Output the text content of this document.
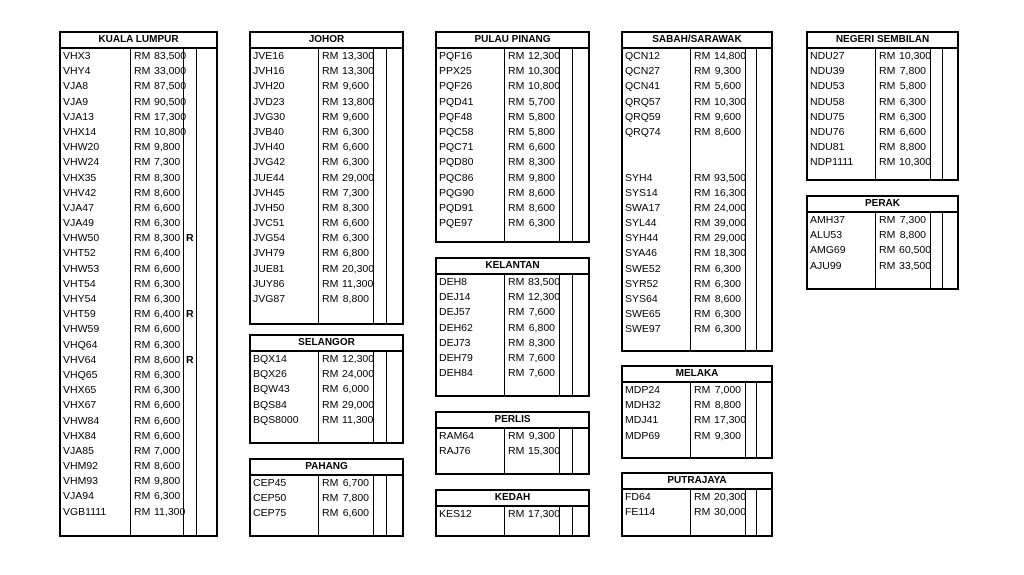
KUALA LUMPUR
VHX3	RM 83,500
VHY4	RM 33,000
VJA8	RM 87,500
VJA9	RM 90,500
VJA13	RM 17,300
VHX14	RM 10,800
VHW20	RM 9,800
VHW24	RM 7,300
VHX35	RM 8,300
VHV42	RM 8,600
VJA47	RM 6,600
VJA49	RM 6,300
VHW50	RM 8,300 R
VHT52	RM 6,400
VHW53	RM 6,600
VHT54	RM 6,300
VHY54	RM 6,300
VHT59	RM 6,400 R
VHW59	RM 6,600
VHQ64	RM 6,300
VHV64	RM 8,600 R
VHQ65	RM 6,300
VHX65	RM 6,300
VHX67	RM 6,600
VHW84	RM 6,600
VHX84	RM 6,600
VJA85	RM 7,000
VHM92	RM 8,600
VHM93	RM 9,800
VJA94	RM 6,300
VGB1111	RM 11,300
JOHOR
JVE16	RM 13,300
JVH16	RM 13,300
JVH20	RM 9,600
JVD23	RM 13,800
JVG30	RM 9,600
JVB40	RM 6,300
JVH40	RM 6,600
JVG42	RM 6,300
JUE44	RM 29,000
JVH45	RM 7,300
JVH50	RM 8,300
JVC51	RM 6,600
JVG54	RM 6,300
JVH79	RM 6,800
JUE81	RM 20,300
JUY86	RM 11,300
JVG87	RM 8,800
SELANGOR
BQX14	RM 12,300
BQX26	RM 24,000
BQW43	RM 6,000
BQS84	RM 29,000
BQS8000 RM 11,300
PAHANG
CEP45	RM 6,700
CEP50	RM 7,800
CEP75	RM 6,600
PULAU PINANG
PQF16	RM 12,300
PPX25	RM 10,300
PQF26	RM 10,800
PQD41	RM 5,700
PQF48	RM 5,800
PQC58	RM 5,800
PQC71	RM 6,600
PQD80	RM 8,300
PQC86	RM 9,800
PQG90	RM 8,600
PQD91	RM 8,600
PQE97	RM 6,300
KELANTAN
DEH8	RM 83,500
DEJ14	RM 12,300
DEJ57	RM 7,600
DEH62	RM 6,800
DEJ73	RM 8,300
DEH79	RM 7,600
DEH84	RM 7,600
PERLIS
RAM64	RM 9,300
RAJ76	RM 15,300
KEDAH
KES12	RM 17,300
SABAH/SARAWAK
QCN12	RM 14,800
QCN27	RM 9,300
QCN41	RM 5,600
QRQ57	RM 10,300
QRQ59	RM 9,600
QRQ74	RM 8,600
SYH4	RM 93,500
SYS14	RM 16,300
SWA17	RM 24,000
SYL44	RM 39,000
SYH44	RM 29,000
SYA46	RM 18,300
SWE52	RM 6,300
SYR52	RM 6,300
SYS64	RM 8,600
SWE65	RM 6,300
SWE97	RM 6,300
MELAKA
MDP24	RM 7,000
MDH32	RM 8,800
MDJ41	RM 17,300
MDP69	RM 9,300
PUTRAJAYA
FD64	RM 20,300
FE114	RM 30,000
NEGERI SEMBILAN
NDU27	RM 10,300
NDU39	RM 7,800
NDU53	RM 5,800
NDU58	RM 6,300
NDU75	RM 6,300
NDU76	RM 6,600
NDU81	RM 8,800
NDP1111 RM 10,300
PERAK
AMH37	RM 7,300
ALU53	RM 8,800
AMG69	RM 60,500
AJU99	RM 33,500
